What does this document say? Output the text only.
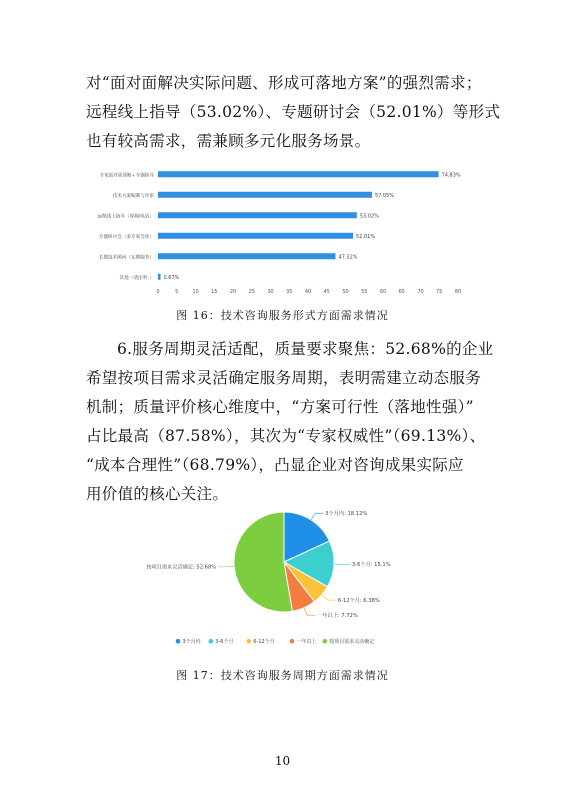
对“面对面解决实际问题、形成可落地方案”的强烈需求；
远程线上指导（53.02%）、专题研讨会（52.01%）等形式
也有较高需求，需兼顾多元化服务场景。
专家面对面诊断+专题指导	74.83%
技术方案编制与评审	57.05%
远程线上指导（视频/电话）	53.02%
专题研讨会（多专家会诊）	52.01%
长期技术顾问（定期服务）	47.32%
其他（请注明：） 0.67%
0	5	10 15 20 25 30 35 40 45 50 55 60 65 70 75 80
图 16：技术咨询服务形式方面需求情况
6.服务周期灵活适配，质量要求聚焦：52.68%的企业
希望按项目需求灵活确定服务周期，表明需建立动态服务
机制；质量评价核心维度中，“方案可行性（落地性强）”
占比最高（87.58%），其次为“专家权威性”（69.13%）、
“成本合理性”（68.79%），凸显企业对咨询成果实际应
用价值的核心关注。
3个月内: 18.12%
3-6个月: 15.1%
6-12个月: 6.38%
一年以上: 7.72%
按项目需求灵活确定: 52.68%
3个月内	3-6个月	6-12个月	一年以上	按项目需求灵活确定
图 17：技术咨询服务周期方面需求情况
10
